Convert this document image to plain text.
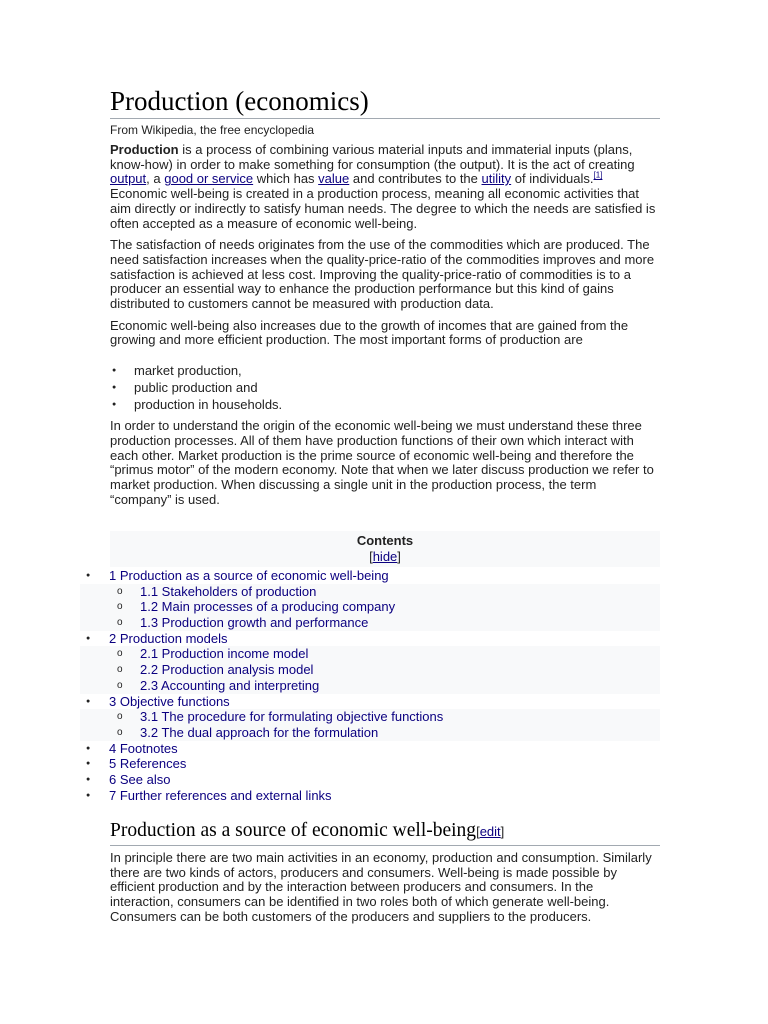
Production (economics)
From Wikipedia, the free encyclopedia

Production is a process of combining various material inputs and immaterial inputs (plans, know-how) in order to make something for consumption (the output). It is the act of creating output, a good or service which has value and contributes to the utility of individuals.[1] Economic well-being is created in a production process, meaning all economic activities that aim directly or indirectly to satisfy human needs. The degree to which the needs are satisfied is often accepted as a measure of economic well-being.

The satisfaction of needs originates from the use of the commodities which are produced. The need satisfaction increases when the quality-price-ratio of the commodities improves and more satisfaction is achieved at less cost. Improving the quality-price-ratio of commodities is to a producer an essential way to enhance the production performance but this kind of gains distributed to customers cannot be measured with production data.

Economic well-being also increases due to the growth of incomes that are gained from the growing and more efficient production. The most important forms of production are

● market production,
● public production and
● production in households.

In order to understand the origin of the economic well-being we must understand these three production processes. All of them have production functions of their own which interact with each other. Market production is the prime source of economic well-being and therefore the “primus motor” of the modern economy. Note that when we later discuss production we refer to market production. When discussing a single unit in the production process, the term “company” is used.

Contents
[hide]
● 1 Production as a source of economic well-being
o 1.1 Stakeholders of production
o 1.2 Main processes of a producing company
o 1.3 Production growth and performance
● 2 Production models
o 2.1 Production income model
o 2.2 Production analysis model
o 2.3 Accounting and interpreting
● 3 Objective functions
o 3.1 The procedure for formulating objective functions
o 3.2 The dual approach for the formulation
● 4 Footnotes
● 5 References
● 6 See also
● 7 Further references and external links
Production as a source of economic well-being[edit]

In principle there are two main activities in an economy, production and consumption. Similarly there are two kinds of actors, producers and consumers. Well-being is made possible by efficient production and by the interaction between producers and consumers. In the interaction, consumers can be identified in two roles both of which generate well-being. Consumers can be both customers of the producers and suppliers to the producers.
